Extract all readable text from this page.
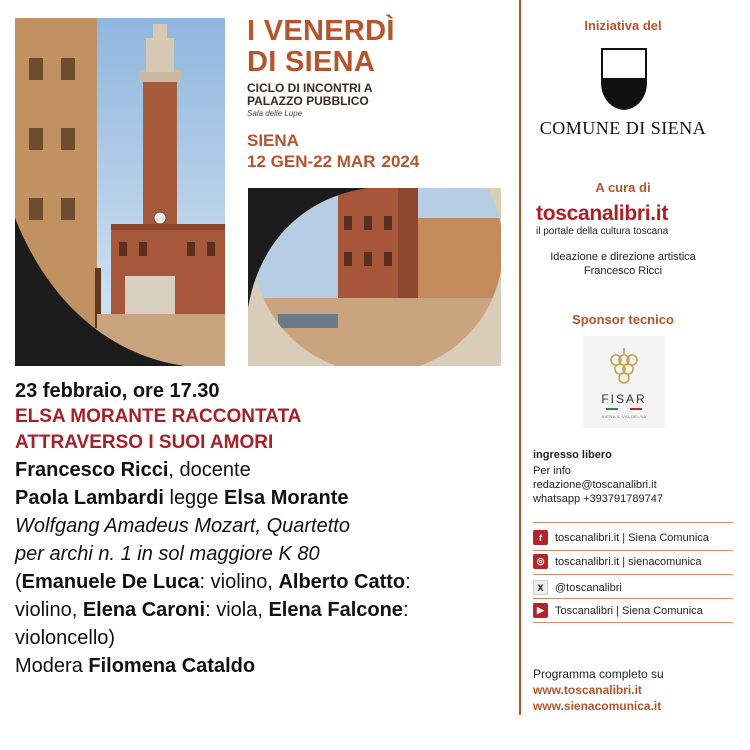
I VENERDÌ
DI SIENA
CICLO DI INCONTRI A
PALAZZO PUBBLICO
Sala delle Lupe
SIENA
12 GEN-22 MAR 2024
23 febbraio, ore 17.30
ELSA MORANTE RACCONTATA
ATTRAVERSO I SUOI AMORI
Francesco Ricci, docente
Paola Lambardi legge Elsa Morante
Wolfgang Amadeus Mozart, Quartetto
per archi n. 1 in sol maggiore K 80
(Emanuele De Luca: violino, Alberto Catto:
violino, Elena Caroni: viola, Elena Falcone:
violoncello)
Modera Filomena Cataldo
Iniziativa del
COMUNE DI SIENA
A cura di
toscanalibri.it
il portale della cultura toscana
Ideazione e direzione artistica
Francesco Ricci
Sponsor tecnico
FISAR
SIENA E VALDELSA
ingresso libero
Per info
redazione@toscanalibri.it
whatsapp +393791789747
f	toscanalibri.it | Siena Comunica
◎ toscanalibri.it | sienacomunica
X	@toscanalibri
▶	Toscanalibri | Siena Comunica
Programma completo su
www.toscanalibri.it
www.sienacomunica.it
